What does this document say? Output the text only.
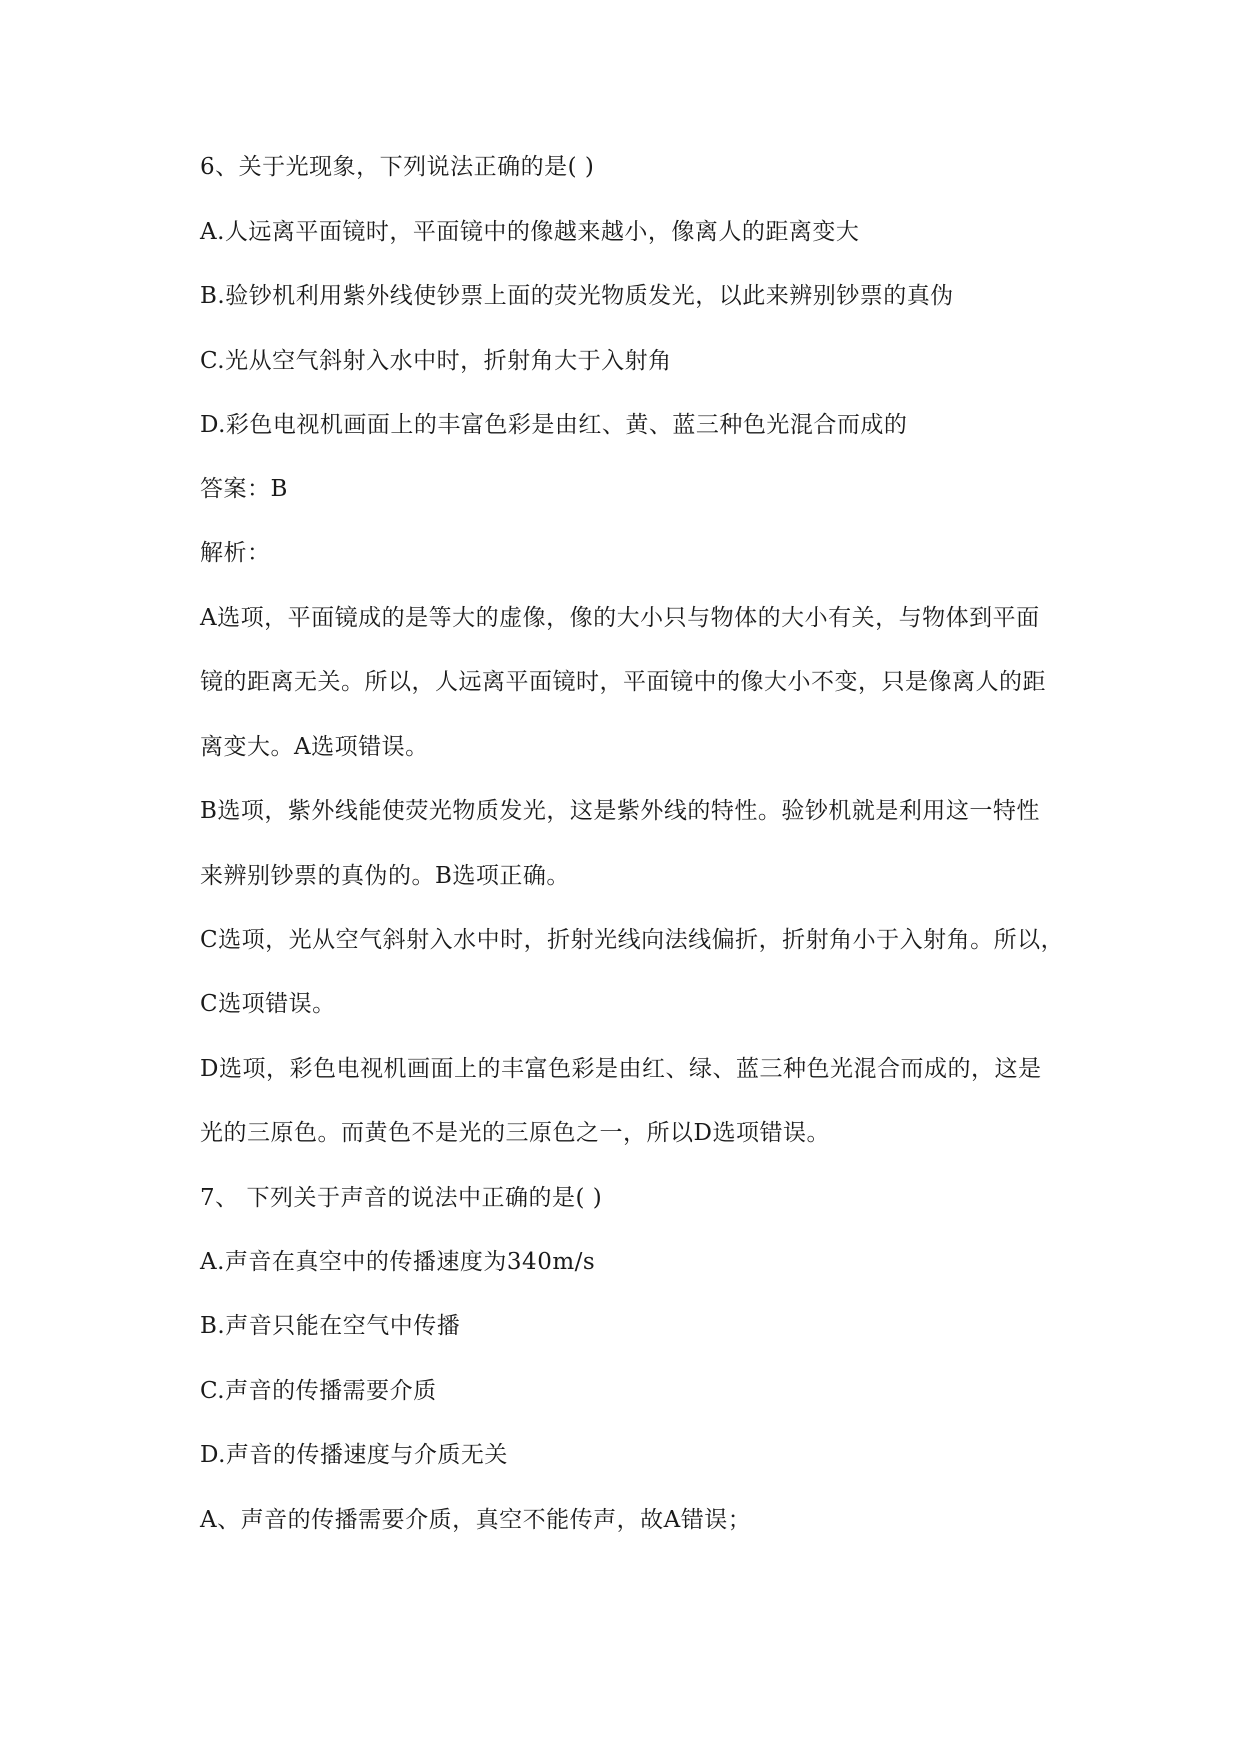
6、关于光现象，下列说法正确的是( )
A.人远离平面镜时，平面镜中的像越来越小，像离人的距离变大
B.验钞机利用紫外线使钞票上面的荧光物质发光，以此来辨别钞票的真伪
C.光从空气斜射入水中时，折射角大于入射角
D.彩色电视机画面上的丰富色彩是由红、黄、蓝三种色光混合而成的
答案：B
解析：
A选项，平面镜成的是等大的虚像，像的大小只与物体的大小有关，与物体到平面
镜的距离无关。所以，人远离平面镜时，平面镜中的像大小不变，只是像离人的距
离变大。A选项错误。
B选项，紫外线能使荧光物质发光，这是紫外线的特性。验钞机就是利用这一特性
来辨别钞票的真伪的。B选项正确。
C选项，光从空气斜射入水中时，折射光线向法线偏折，折射角小于入射角。所以，
C选项错误。
D选项，彩色电视机画面上的丰富色彩是由红、绿、蓝三种色光混合而成的，这是
光的三原色。而黄色不是光的三原色之一，所以D选项错误。
7、 下列关于声音的说法中正确的是( )
A.声音在真空中的传播速度为340m/s
B.声音只能在空气中传播
C.声音的传播需要介质
D.声音的传播速度与介质无关
A、声音的传播需要介质，真空不能传声，故A错误；
